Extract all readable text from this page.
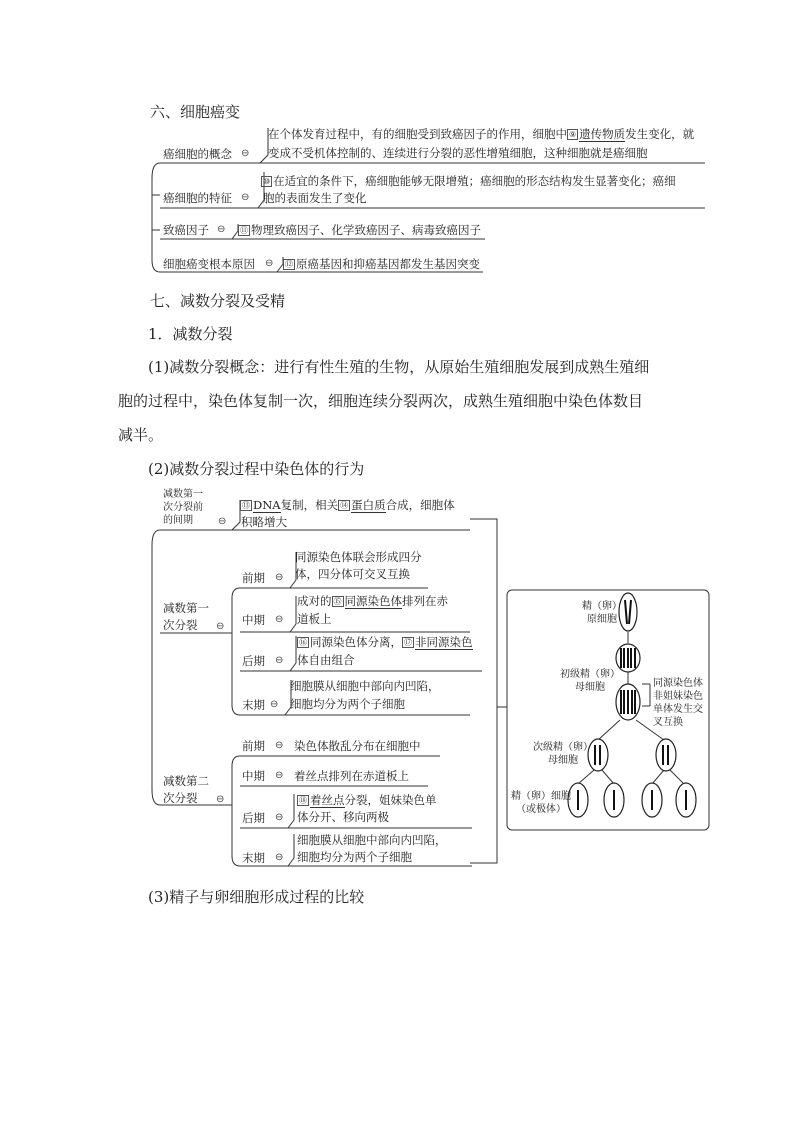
六、细胞癌变
癌细胞的概念 ⊖
在个体发育过程中，有的细胞受到致癌因子的作用，细胞中 ⑨ 遗传物质发生变化，就
变成不受机体控制的、连续进行分裂的恶性增殖细胞，这种细胞就是癌细胞
癌细胞的特征 ⊖
⑩ 在适宜的条件下，癌细胞能够无限增殖；癌细胞的形态结构发生显著变化；癌细
胞的表面发生了变化
致癌因子 ⊖ ⑪ 物理致癌因子、化学致癌因子、病毒致癌因子
细胞癌变根本原因 ⊖ ⑫ 原癌基因和抑癌基因都发生基因突变
七、减数分裂及受精
1．减数分裂
(1)减数分裂概念：进行有性生殖的生物，从原始生殖细胞发展到成熟生殖细
胞的过程中，染色体复制一次，细胞连续分裂两次，成熟生殖细胞中染色体数目
减半。
(2)减数分裂过程中染色体的行为
减数第一
次分裂前
的间期	⊖
⑬ DNA复制，相关 ⑭ 蛋白质合成，细胞体
积略增大
减数第一
次分裂	⊖
前期 ⊖
同源染色体联会形成四分
体，四分体可交叉互换
中期 ⊖
成对的 ⑮ 同源染色体排列在赤
道板上
后期 ⊖
⑯ 同源染色体分离， ⑰ 非同源染色
体自由组合
末期 ⊖
细胞膜从细胞中部向内凹陷，
细胞均分为两个子细胞
减数第二
次分裂	⊖
前期 ⊖ 染色体散乱分布在细胞中
中期 ⊖ 着丝点排列在赤道板上
后期 ⊖
⑱ 着丝点分裂，姐妹染色单
体分开、移向两极
末期 ⊖
细胞膜从细胞中部向内凹陷，
细胞均分为两个子细胞
精（卵）
原细胞
初级精（卵）
母细胞	同源染色体
非姐妹染色
单体发生交
叉互换
次级精（卵）
母细胞
精（卵）细胞
（或极体）
(3)精子与卵细胞形成过程的比较
